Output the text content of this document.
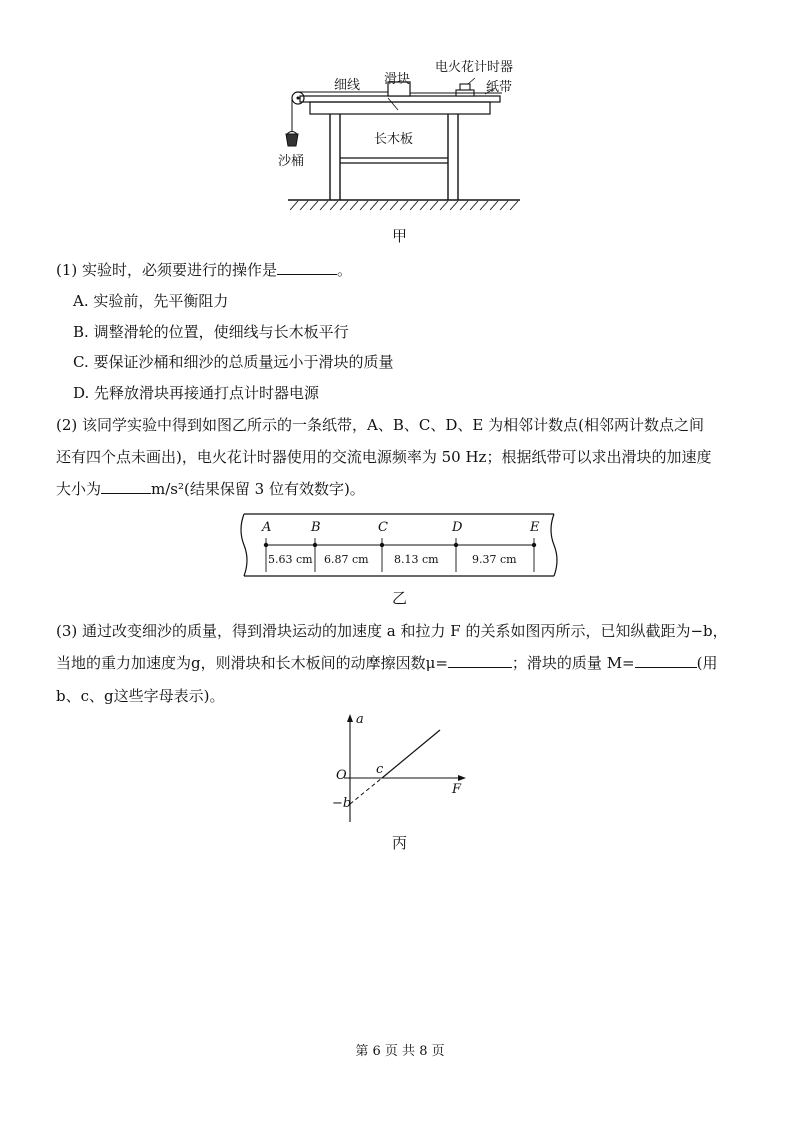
细线 滑块
电火花计时器
纸带
长木板
沙桶
甲
(1) 实验时，必须要进行的操作是	。
A. 实验前，先平衡阻力
B. 调整滑轮的位置，使细线与长木板平行
C. 要保证沙桶和细沙的总质量远小于滑块的质量
D. 先释放滑块再接通打点计时器电源
(2) 该同学实验中得到如图乙所示的一条纸带，A、B、C、D、E 为相邻计数点(相邻两计数点之间
还有四个点未画出)，电火花计时器使用的交流电源频率为 50 Hz；根据纸带可以求出滑块的加速度
大小为	m/s²(结果保留 3 位有效数字)。
A	B	C	D	E
5.63 cm 6.87 cm 8.13 cm	9.37 cm
乙
(3) 通过改变细沙的质量，得到滑块运动的加速度 a 和拉力 F 的关系如图丙所示，已知纵截距为−b，
当地的重力加速度为g，则滑块和长木板间的动摩擦因数μ=	；滑块的质量 M=	(用
b、c、g这些字母表示)。
a
F
O c
−b
丙
第 6 页 共 8 页
